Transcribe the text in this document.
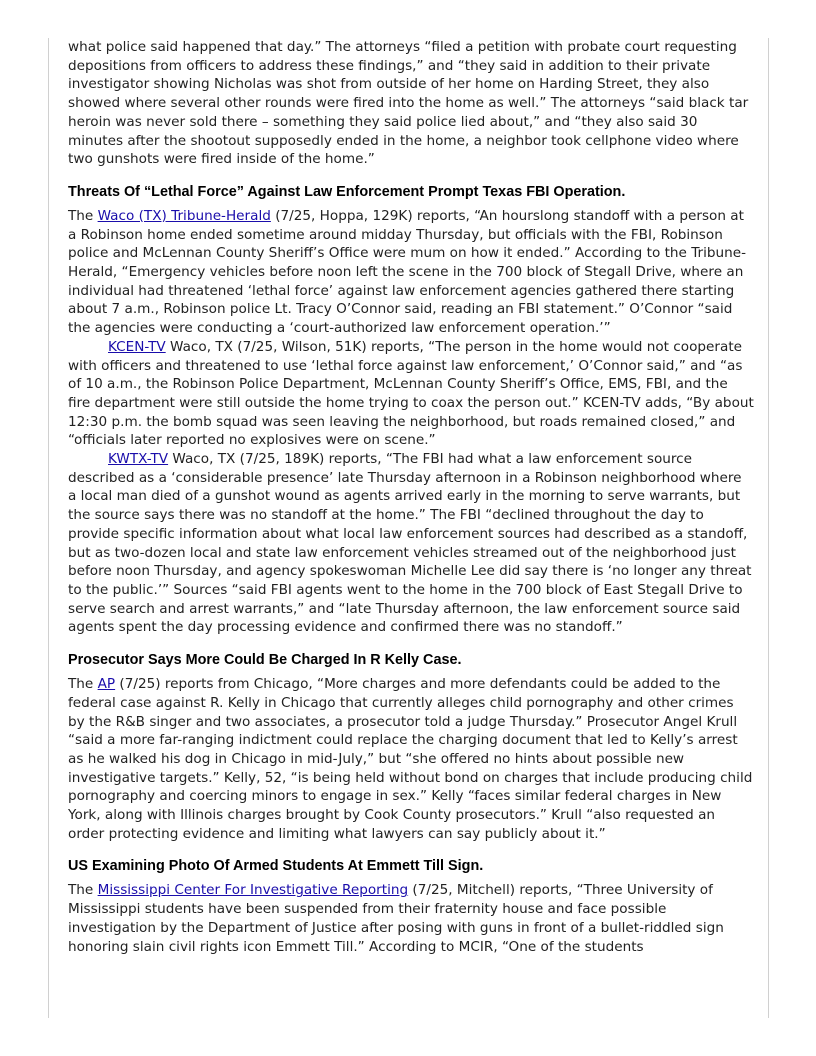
what police said happened that day.” The attorneys “filed a petition with probate court requesting depositions from officers to address these findings,” and “they said in addition to their private investigator showing Nicholas was shot from outside of her home on Harding Street, they also showed where several other rounds were fired into the home as well.” The attorneys “said black tar heroin was never sold there – something they said police lied about,” and “they also said 30 minutes after the shootout supposedly ended in the home, a neighbor took cellphone video where two gunshots were fired inside of the home.”

Threats Of “Lethal Force” Against Law Enforcement Prompt Texas FBI Operation.

The Waco (TX) Tribune-Herald (7/25, Hoppa, 129K) reports, “An hourslong standoff with a person at a Robinson home ended sometime around midday Thursday, but officials with the FBI, Robinson police and McLennan County Sheriff’s Office were mum on how it ended.” According to the Tribune-Herald, “Emergency vehicles before noon left the scene in the 700 block of Stegall Drive, where an individual had threatened ‘lethal force’ against law enforcement agencies gathered there starting about 7 a.m., Robinson police Lt. Tracy O’Connor said, reading an FBI statement.” O’Connor “said the agencies were conducting a ‘court-authorized law enforcement operation.’”

KCEN-TV Waco, TX (7/25, Wilson, 51K) reports, “The person in the home would not cooperate with officers and threatened to use ‘lethal force against law enforcement,’ O’Connor said,” and “as of 10 a.m., the Robinson Police Department, McLennan County Sheriff’s Office, EMS, FBI, and the fire department were still outside the home trying to coax the person out.” KCEN-TV adds, “By about 12:30 p.m. the bomb squad was seen leaving the neighborhood, but roads remained closed,” and “officials later reported no explosives were on scene.”

KWTX-TV Waco, TX (7/25, 189K) reports, “The FBI had what a law enforcement source described as a ‘considerable presence’ late Thursday afternoon in a Robinson neighborhood where a local man died of a gunshot wound as agents arrived early in the morning to serve warrants, but the source says there was no standoff at the home.” The FBI “declined throughout the day to provide specific information about what local law enforcement sources had described as a standoff, but as two-dozen local and state law enforcement vehicles streamed out of the neighborhood just before noon Thursday, and agency spokeswoman Michelle Lee did say there is ‘no longer any threat to the public.’” Sources “said FBI agents went to the home in the 700 block of East Stegall Drive to serve search and arrest warrants,” and “late Thursday afternoon, the law enforcement source said agents spent the day processing evidence and confirmed there was no standoff.”

Prosecutor Says More Could Be Charged In R Kelly Case.

The AP (7/25) reports from Chicago, “More charges and more defendants could be added to the federal case against R. Kelly in Chicago that currently alleges child pornography and other crimes by the R&B singer and two associates, a prosecutor told a judge Thursday.” Prosecutor Angel Krull “said a more far-ranging indictment could replace the charging document that led to Kelly’s arrest as he walked his dog in Chicago in mid-July,” but “she offered no hints about possible new investigative targets.” Kelly, 52, “is being held without bond on charges that include producing child pornography and coercing minors to engage in sex.” Kelly “faces similar federal charges in New York, along with Illinois charges brought by Cook County prosecutors.” Krull “also requested an order protecting evidence and limiting what lawyers can say publicly about it.”

US Examining Photo Of Armed Students At Emmett Till Sign.

The Mississippi Center For Investigative Reporting (7/25, Mitchell) reports, “Three University of Mississippi students have been suspended from their fraternity house and face possible investigation by the Department of Justice after posing with guns in front of a bullet-riddled sign honoring slain civil rights icon Emmett Till.” According to MCIR, “One of the students
